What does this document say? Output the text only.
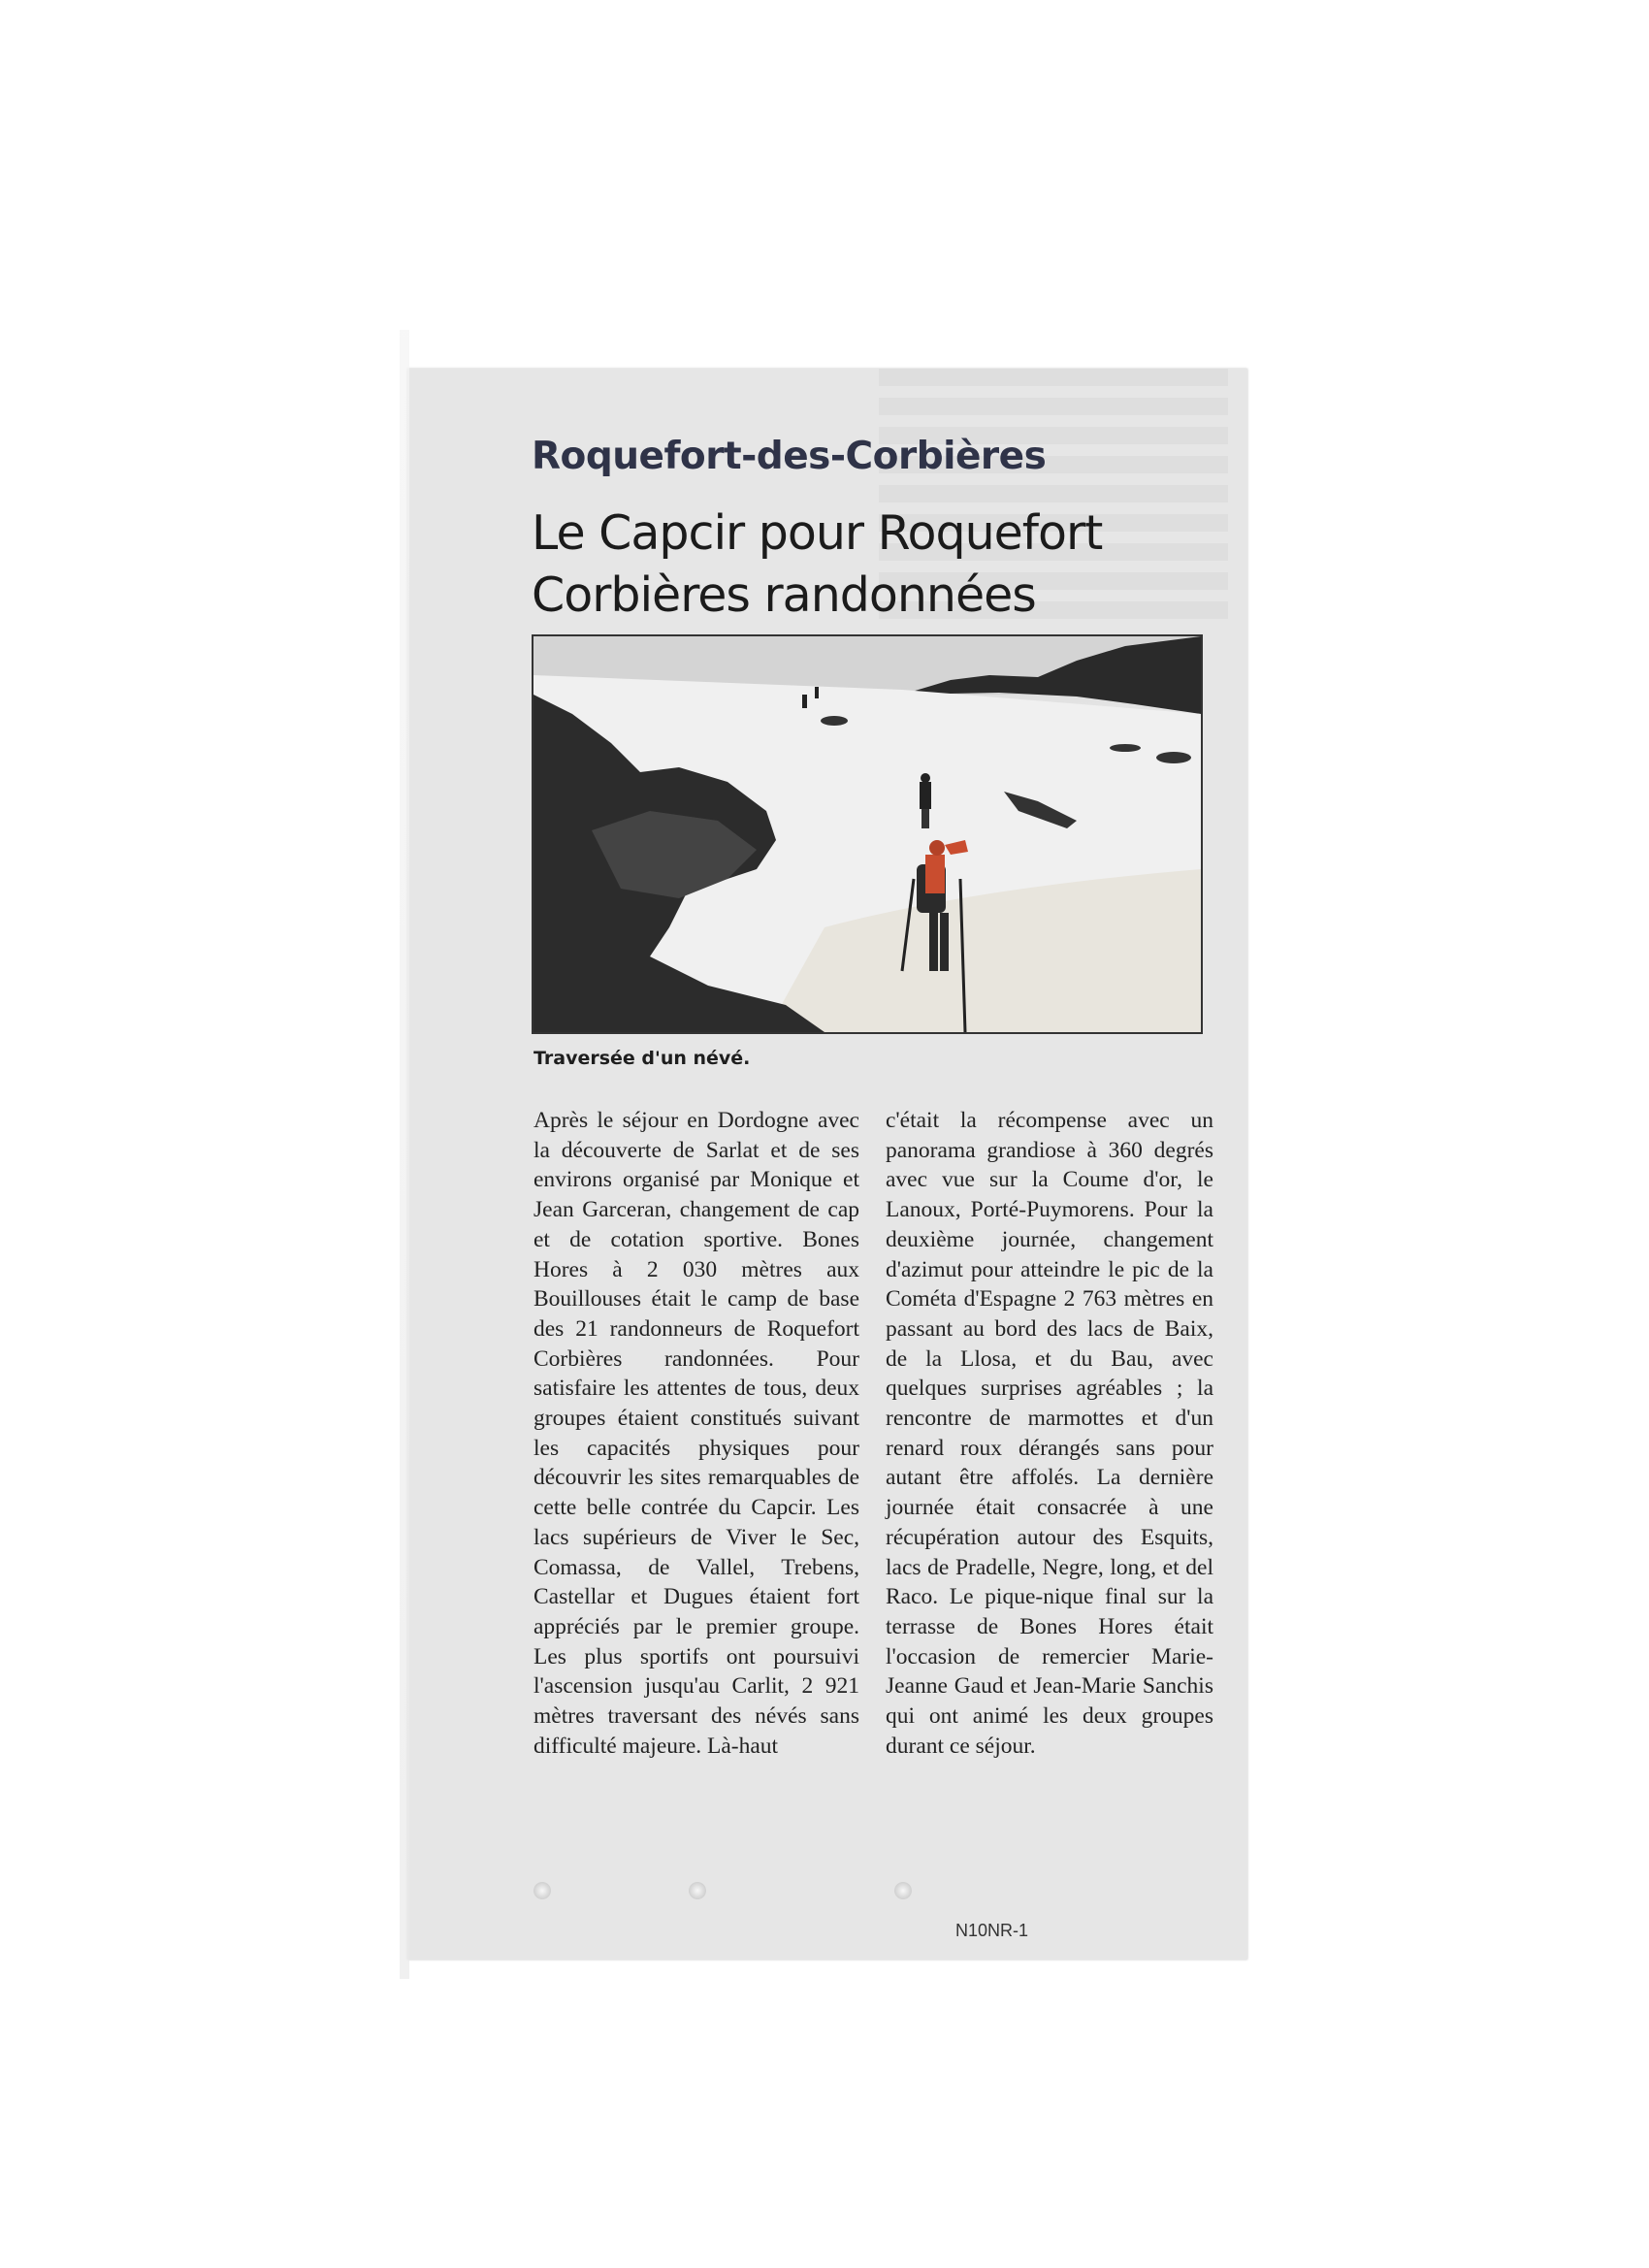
Roquefort-des-Corbières
Le Capcir pour Roquefort
Corbières randonnées
Traversée d'un névé.
Après le séjour en Dordogne avec la découverte de Sarlat et de ses environs organisé par Monique et Jean Garceran, changement de cap et de cotation sportive. Bones Hores à 2 030 mètres aux Bouillouses était le camp de base des 21 randonneurs de Roquefort Corbières randonnées. Pour satisfaire les attentes de tous, deux groupes étaient constitués suivant les capacités physiques pour découvrir les sites remarquables de cette belle contrée du Capcir. Les lacs supérieurs de Viver le Sec, Comassa, de Vallel, Trebens, Castellar et Dugues étaient fort appréciés par le premier groupe. Les plus sportifs ont poursuivi l'ascension jusqu'au Carlit, 2 921 mètres traversant des névés sans difficulté majeure. Là-haut
c'était la récompense avec un panorama grandiose à 360 degrés avec vue sur la Coume d'or, le Lanoux, Porté-Puymorens. Pour la deuxième journée, changement d'azimut pour atteindre le pic de la Cométa d'Espagne 2 763 mètres en passant au bord des lacs de Baix, de la Llosa, et du Bau, avec quelques surprises agréables ; la rencontre de marmottes et d'un renard roux dérangés sans pour autant être affolés. La dernière journée était consacrée à une récupération autour des Esquits, lacs de Pradelle, Negre, long, et del Raco. Le pique-nique final sur la terrasse de Bones Hores était l'occasion de remercier Marie-Jeanne Gaud et Jean-Marie Sanchis qui ont animé les deux groupes durant ce séjour.
N10NR-1
